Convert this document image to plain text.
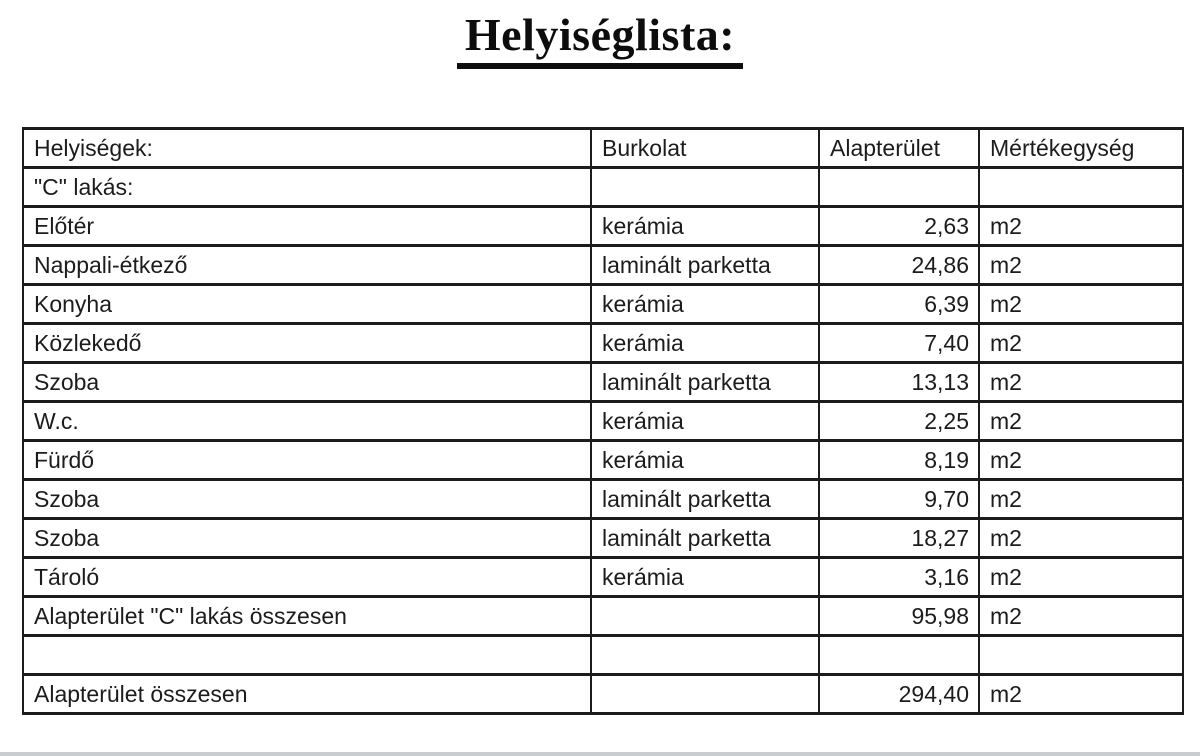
Helyiséglista:
Helyiségek:	Burkolat	Alapterület	Mértékegység
"C" lakás:			
Előtér	kerámia	2,63	m2
Nappali-étkező	laminált parketta	24,86	m2
Konyha	kerámia	6,39	m2
Közlekedő	kerámia	7,40	m2
Szoba	laminált parketta	13,13	m2
W.c.	kerámia	2,25	m2
Fürdő	kerámia	8,19	m2
Szoba	laminált parketta	9,70	m2
Szoba	laminált parketta	18,27	m2
Tároló	kerámia	3,16	m2
Alapterület "C" lakás összesen		95,98	m2

Alapterület összesen		294,40	m2
